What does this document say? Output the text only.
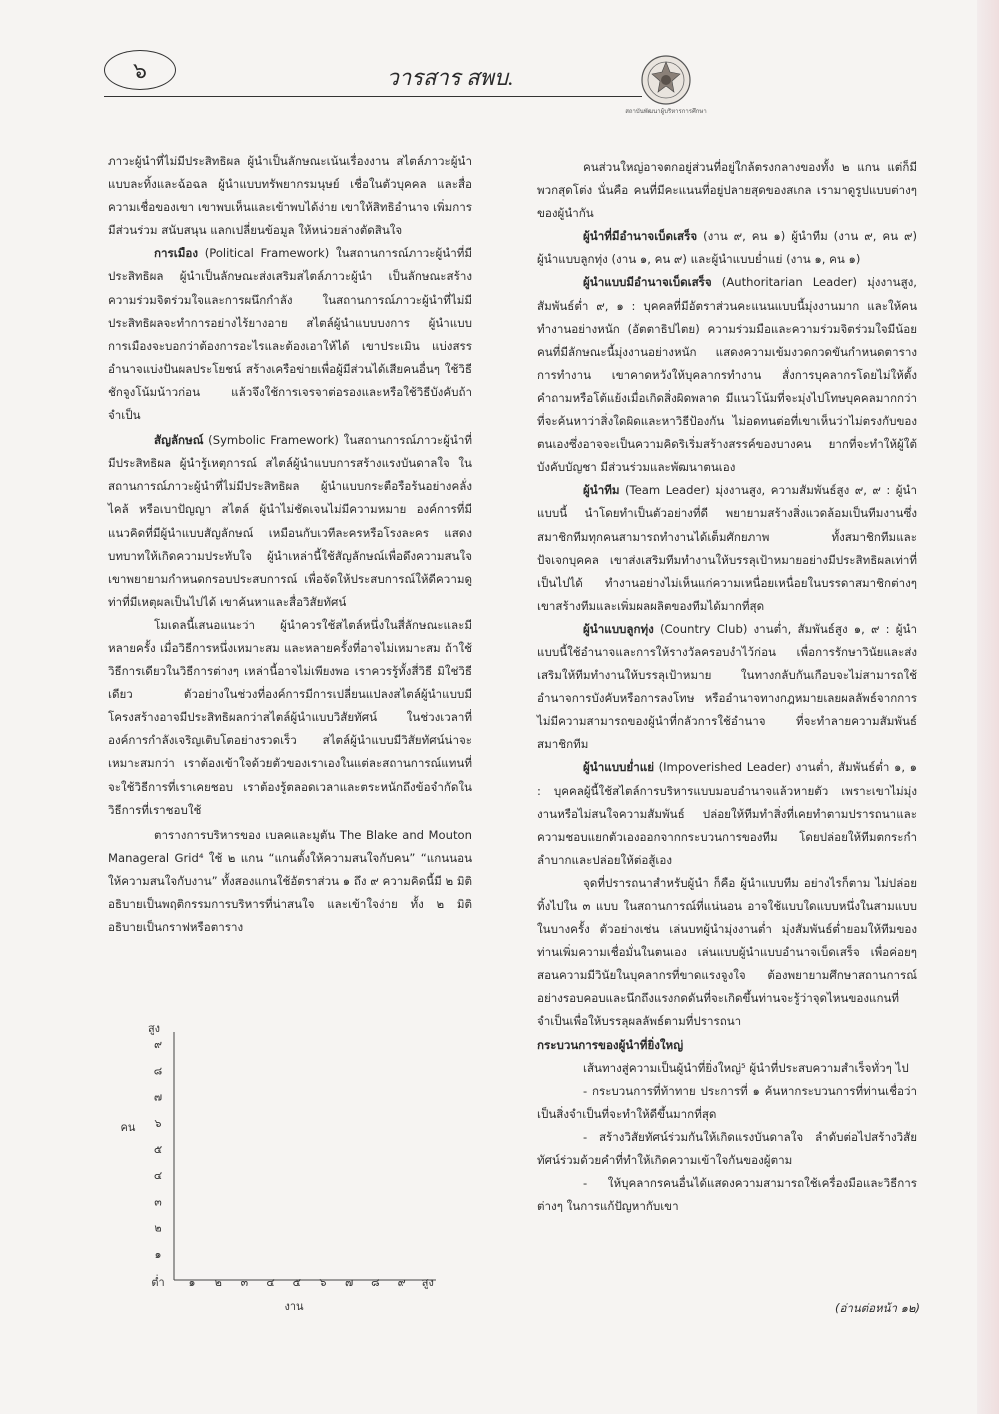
๖	วารสาร สพบ.
สถาบันพัฒนาผู้บริหารการศึกษา

ภาวะผู้นำที่ไม่มีประสิทธิผล ผู้นำเป็นลักษณะเน้นเรื่องงาน สไตล์ภาวะผู้นำแบบละทิ้งและฉ้อฉล ผู้นำแบบทรัพยากรมนุษย์ เชื่อในตัวบุคคล และสื่อความเชื่อของเขา เขาพบเห็นและเข้าพบได้ง่าย เขาให้สิทธิอำนาจ เพิ่มการมีส่วนร่วม สนับสนุน แลกเปลี่ยนข้อมูล ให้หน่วยล่างตัดสินใจ

การเมือง (Political Framework) ในสถานการณ์ภาวะผู้นำที่มีประสิทธิผล ผู้นำเป็นลักษณะส่งเสริมสไตล์ภาวะผู้นำ เป็นลักษณะสร้างความร่วมจิตร่วมใจและการผนึกกำลัง ในสถานการณ์ภาวะผู้นำที่ไม่มีประสิทธิผลจะทำการอย่างไร้ยางอาย สไตล์ผู้นำแบบบงการ ผู้นำแบบการเมืองจะบอกว่าต้องการอะไรและต้องเอาให้ได้ เขาประเมิน แบ่งสรรอำนาจแบ่งปันผลประโยชน์ สร้างเครือข่ายเพื่อผู้มีส่วนได้เสียคนอื่นๆ ใช้วิธีชักจูงโน้มน้าวก่อน แล้วจึงใช้การเจรจาต่อรองและหรือใช้วิธีบังคับถ้าจำเป็น

สัญลักษณ์ (Symbolic Framework) ในสถานการณ์ภาวะผู้นำที่มีประสิทธิผล ผู้นำรู้เหตุการณ์ สไตล์ผู้นำแบบการสร้างแรงบันดาลใจ ในสถานการณ์ภาวะผู้นำที่ไม่มีประสิทธิผล ผู้นำแบบกระตือรือร้นอย่างคลั่งไคล้ หรือเบาปัญญา สไตล์ ผู้นำไม่ชัดเจนไม่มีความหมาย องค์การที่มีแนวคิดที่มีผู้นำแบบสัญลักษณ์ เหมือนกับเวทีละครหรือโรงละคร แสดงบทบาทให้เกิดความประทับใจ ผู้นำเหล่านี้ใช้สัญลักษณ์เพื่อดึงความสนใจ เขาพยายามกำหนดกรอบประสบการณ์ เพื่อจัดให้ประสบการณ์ให้ดีความดูท่าที่มีเหตุผลเป็นไปได้ เขาค้นหาและสื่อวิสัยทัศน์

โมเดลนี้เสนอแนะว่า ผู้นำควรใช้สไตล์หนึ่งในสี่ลักษณะและมีหลายครั้ง เมื่อวิธีการหนึ่งเหมาะสม และหลายครั้งที่อาจไม่เหมาะสม ถ้าใช้วิธีการเดียวในวิธีการต่างๆ เหล่านี้อาจไม่เพียงพอ เราควรรู้ทั้งสี่วิธี มิใช่วิธีเดียว ตัวอย่างในช่วงที่องค์การมีการเปลี่ยนแปลงสไตล์ผู้นำแบบมีโครงสร้างอาจมีประสิทธิผลกว่าสไตล์ผู้นำแบบวิสัยทัศน์ ในช่วงเวลาที่องค์การกำลังเจริญเติบโตอย่างรวดเร็ว สไตล์ผู้นำแบบมีวิสัยทัศน์น่าจะเหมาะสมกว่า เราต้องเข้าใจด้วยตัวของเราเองในแต่ละสถานการณ์แทนที่จะใช้วิธีการที่เราเคยชอบ เราต้องรู้ตลอดเวลาและตระหนักถึงข้อจำกัดในวิธีการที่เราชอบใช้

ตารางการบริหารของ เบลคและมูตัน The Blake and Mouton Manageral Grid⁴ ใช้ ๒ แกน “แกนตั้งให้ความสนใจกับคน” “แกนนอนให้ความสนใจกับงาน” ทั้งสองแกนใช้อัตราส่วน ๑ ถึง ๙ ความคิดนี้มี ๒ มิติ อธิบายเป็นพฤติกรรมการบริหารที่น่าสนใจ และเข้าใจง่าย ทั้ง ๒ มิติ อธิบายเป็นกราฟหรือตาราง

สูง
๑
๒
๓
๔
๕
๖
๗
๘
๙
คน
ต่ำ ๑ ๒ ๓ ๔ ๕ ๖ ๗ ๘ ๙ สูง
งาน

คนส่วนใหญ่อาจตกอยู่ส่วนที่อยู่ใกล้ตรงกลางของทั้ง ๒ แกน แต่ก็มีพวกสุดโต่ง นั่นคือ คนที่มีคะแนนที่อยู่ปลายสุดของสเกล เรามาดูรูปแบบต่างๆ ของผู้นำกัน

ผู้นำที่มีอำนาจเบ็ดเสร็จ (งาน ๙, คน ๑) ผู้นำทีม (งาน ๙, คน ๙) ผู้นำแบบลูกทุ่ง (งาน ๑, คน ๙) และผู้นำแบบย่ำแย่ (งาน ๑, คน ๑)

ผู้นำแบบมีอำนาจเบ็ดเสร็จ (Authoritarian Leader) มุ่งงานสูง, สัมพันธ์ต่ำ ๙, ๑ : บุคคลที่มีอัตราส่วนคะแนนแบบนี้มุ่งงานมาก และให้คนทำงานอย่างหนัก (อัตตาธิปไตย) ความร่วมมือและความร่วมจิตร่วมใจมีน้อย คนที่มีลักษณะนี้มุ่งงานอย่างหนัก แสดงความเข้มงวดกวดขันกำหนดตารางการทำงาน เขาคาดหวังให้บุคลากรทำงาน สั่งการบุคลากรโดยไม่ให้ตั้งคำถามหรือโต้แย้งเมื่อเกิดสิ่งผิดพลาด มีแนวโน้มที่จะมุ่งไปโทษบุคคลมากกว่าที่จะค้นหาว่าสิ่งใดผิดและหาวิธีป้องกัน ไม่อดทนต่อที่เขาเห็นว่าไม่ตรงกับของตนเองซึ่งอาจจะเป็นความคิดริเริ่มสร้างสรรค์ของบางคน ยากที่จะทำให้ผู้ใต้บังคับบัญชา มีส่วนร่วมและพัฒนาตนเอง

ผู้นำทีม (Team Leader) มุ่งงานสูง, ความสัมพันธ์สูง ๙, ๙ : ผู้นำแบบนี้ นำโดยทำเป็นตัวอย่างที่ดี พยายามสร้างสิ่งแวดล้อมเป็นทีมงานซึ่งสมาชิกทีมทุกคนสามารถทำงานได้เต็มศักยภาพ ทั้งสมาชิกทีมและปัจเจกบุคคล เขาส่งเสริมทีมทำงานให้บรรลุเป้าหมายอย่างมีประสิทธิผลเท่าที่เป็นไปได้ ทำงานอย่างไม่เห็นแก่ความเหนื่อยเหนื่อยในบรรดาสมาชิกต่างๆ เขาสร้างทีมและเพิ่มผลผลิตของทีมได้มากที่สุด

ผู้นำแบบลูกทุ่ง (Country Club) งานต่ำ, สัมพันธ์สูง ๑, ๙ : ผู้นำแบบนี้ใช้อำนาจและการให้รางวัลครอบงำไว้ก่อน เพื่อการรักษาวินัยและส่งเสริมให้ทีมทำงานให้บรรลุเป้าหมาย ในทางกลับกันเกือบจะไม่สามารถใช้อำนาจการบังคับหรือการลงโทษ หรืออำนาจทางกฎหมายเลยผลลัพธ์จากการไม่มีความสามารถของผู้นำที่กลัวการใช้อำนาจ ที่จะทำลายความสัมพันธ์สมาชิกทีม

ผู้นำแบบย่ำแย่ (Impoverished Leader) งานต่ำ, สัมพันธ์ต่ำ ๑, ๑ : บุคคลผู้นี้ใช้สไตล์การบริหารแบบมอบอำนาจแล้วหายตัว เพราะเขาไม่มุ่งงานหรือไม่สนใจความสัมพันธ์ ปล่อยให้ทีมทำสิ่งที่เคยทำตามปรารถนาและความชอบแยกตัวเองออกจากกระบวนการของทีม โดยปล่อยให้ทีมตกระกำลำบากและปล่อยให้ต่อสู้เอง

จุดที่ปรารถนาสำหรับผู้นำ ก็คือ ผู้นำแบบทีม อย่างไรก็ตาม ไม่ปล่อยทิ้งไปใน ๓ แบบ ในสถานการณ์ที่แน่นอน อาจใช้แบบใดแบบหนึ่งในสามแบบในบางครั้ง ตัวอย่างเช่น เล่นบทผู้นำมุ่งงานต่ำ มุ่งสัมพันธ์ต่ำยอมให้ทีมของท่านเพิ่มความเชื่อมั่นในตนเอง เล่นแบบผู้นำแบบอำนาจเบ็ดเสร็จ เพื่อค่อยๆ สอนความมีวินัยในบุคลากรที่ขาดแรงจูงใจ ต้องพยายามศึกษาสถานการณ์อย่างรอบคอบและนึกถึงแรงกดดันที่จะเกิดขึ้นท่านจะรู้ว่าจุดไหนของแกนที่จำเป็นเพื่อให้บรรลุผลลัพธ์ตามที่ปรารถนา

กระบวนการของผู้นำที่ยิ่งใหญ่

เส้นทางสู่ความเป็นผู้นำที่ยิ่งใหญ่⁵ ผู้นำที่ประสบความสำเร็จทั่วๆ ไป

- กระบวนการที่ท้าทาย ประการที่ ๑ ค้นหากระบวนการที่ท่านเชื่อว่าเป็นสิ่งจำเป็นที่จะทำให้ดีขึ้นมากที่สุด

- สร้างวิสัยทัศน์ร่วมกันให้เกิดแรงบันดาลใจ ลำดับต่อไปสร้างวิสัยทัศน์ร่วมด้วยคำที่ทำให้เกิดความเข้าใจกันของผู้ตาม

- ให้บุคลากรคนอื่นได้แสดงความสามารถใช้เครื่องมือและวิธีการต่างๆ ในการแก้ปัญหากับเขา

(อ่านต่อหน้า ๑๒)
